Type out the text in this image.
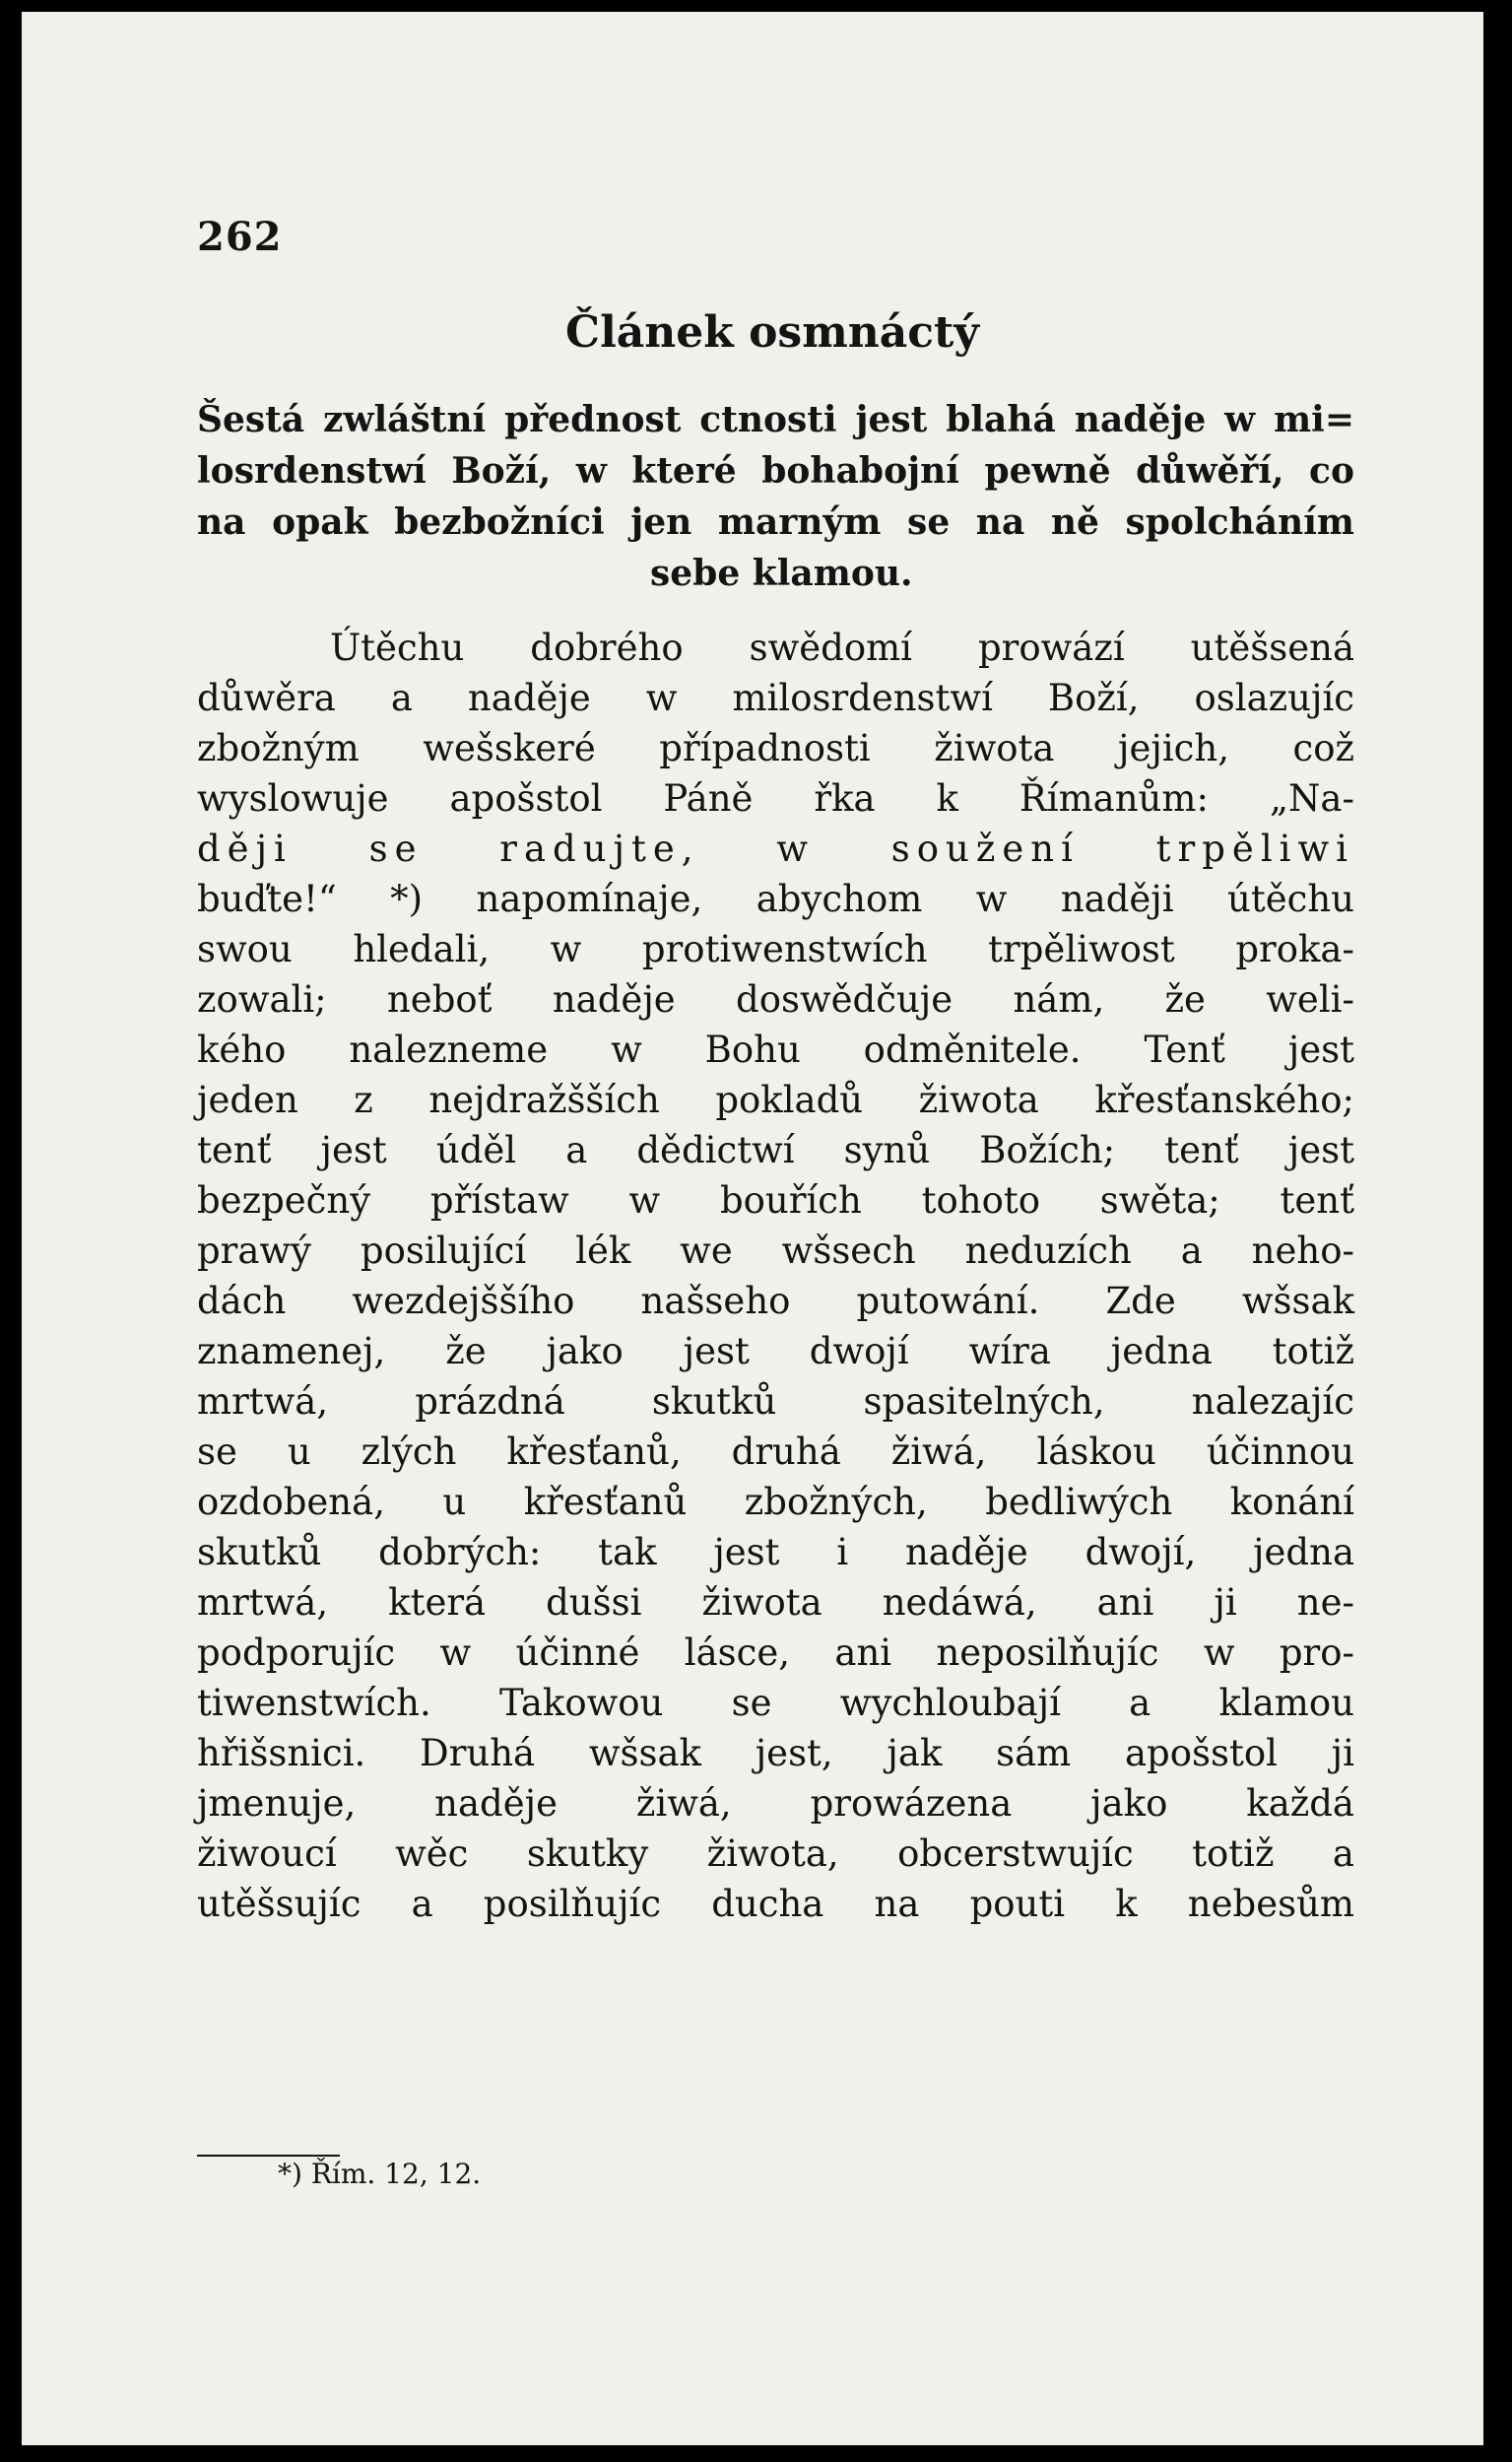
262
Článek osmnáctý
Šestá zwláštní přednost ctnosti jest blahá naděje w mi=
losrdenstwí Boží, w které bohabojní pewně důwěří, co
na opak bezbožníci jen marným se na ně spolcháním
sebe klamou.
Útěchu dobrého swědomí prowází utěšsená
důwěra a naděje w milosrdenstwí Boží, oslazujíc
zbožným wešskeré případnosti žiwota jejich, což
wyslowuje apošstol Páně řka k Římanům: „Na-
ději se radujte, w soužení trpěliwi
buďte!“ *) napomínaje, abychom w naději útěchu
swou hledali, w protiwenstwích trpěliwost proka-
zowali; neboť naděje doswědčuje nám, že weli-
kého nalezneme w Bohu odměnitele. Tenť jest
jeden z nejdražšších pokladů žiwota křesťanského;
tenť jest úděl a dědictwí synů Božích; tenť jest
bezpečný přístaw w bouřích tohoto swěta; tenť
prawý posilující lék we wšsech neduzích a neho-
dách wezdejššího našseho putowání. Zde wšsak
znamenej, že jako jest dwojí wíra jedna totiž
mrtwá, prázdná skutků spasitelných, nalezajíc
se u zlých křesťanů, druhá žiwá, láskou účinnou
ozdobená, u křesťanů zbožných, bedliwých konání
skutků dobrých: tak jest i naděje dwojí, jedna
mrtwá, která dušsi žiwota nedáwá, ani ji ne-
podporujíc w účinné lásce, ani neposilňujíc w pro-
tiwenstwích. Takowou se wychloubají a klamou
hřišsnici. Druhá wšsak jest, jak sám apošstol ji
jmenuje, naděje žiwá, prowázena jako každá
žiwoucí wěc skutky žiwota, obcerstwujíc totiž a
utěšsujíc a posilňujíc ducha na pouti k nebesům
*) Řím. 12, 12.
